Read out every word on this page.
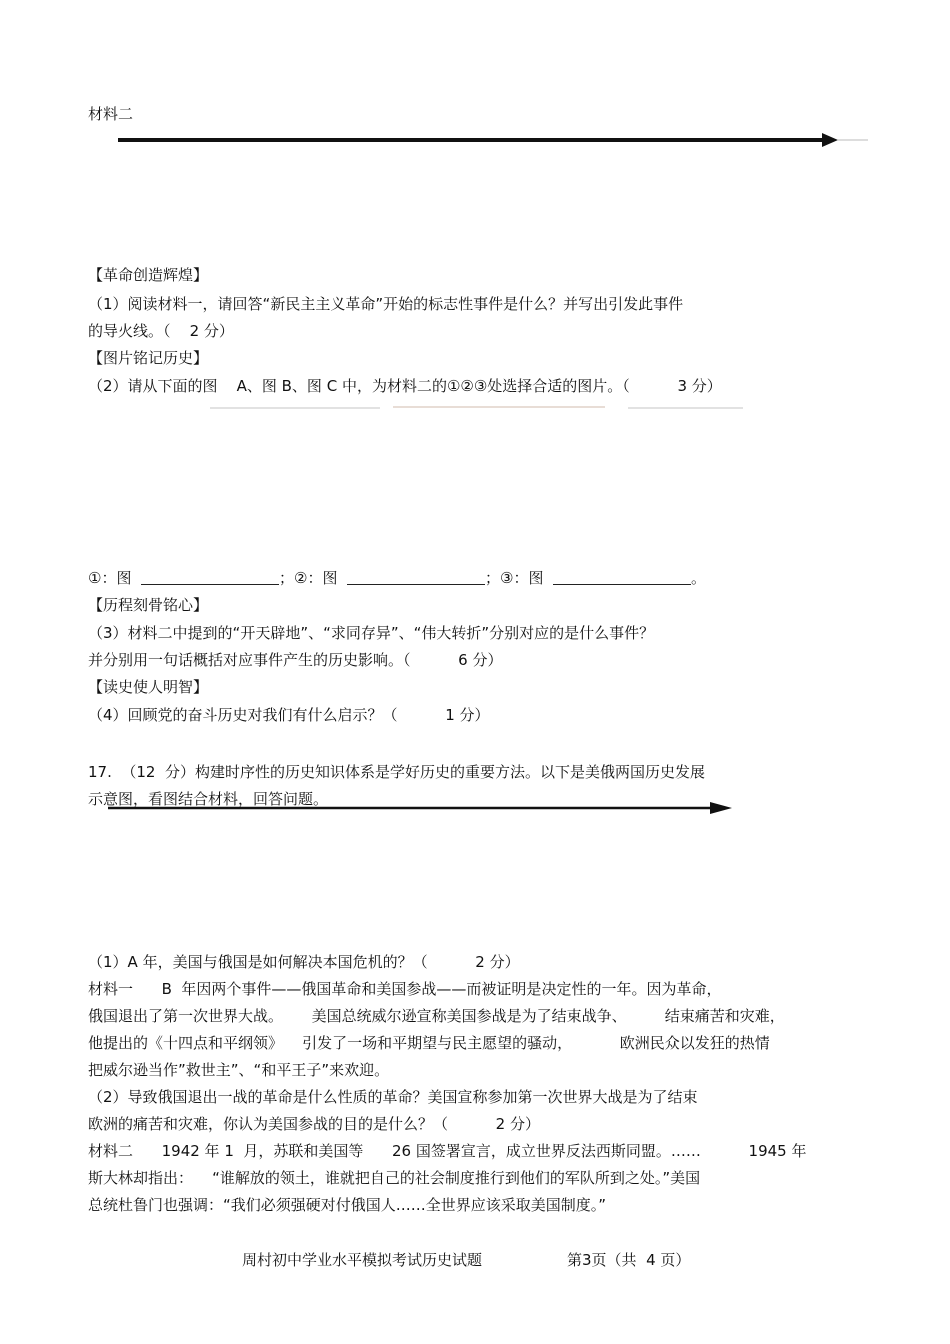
材料二
【革命创造辉煌】
（1）阅读材料一，请回答“新民主主义革命”开始的标志性事件是什么？并写出引发此事件
的导火线。（    2 分）
【图片铭记历史】
（2）请从下面的图    A、图 B、图 C 中，为材料二的①②③处选择合适的图片。（          3 分）
①：图	；②：图	；③：图	。
【历程刻骨铭心】
（3）材料二中提到的“开天辟地”、“求同存异”、“伟大转折”分别对应的是什么事件？
并分别用一句话概括对应事件产生的历史影响。（          6 分）
【读史使人明智】
（4）回顾党的奋斗历史对我们有什么启示？（          1 分）
17.  （12  分）构建时序性的历史知识体系是学好历史的重要方法。以下是美俄两国历史发展
示意图，看图结合材料，回答问题。
（1）A 年，美国与俄国是如何解决本国危机的？（          2 分）
材料一      B  年因两个事件——俄国革命和美国参战——而被证明是决定性的一年。因为革命，
俄国退出了第一次世界大战。      美国总统威尔逊宣称美国参战是为了结束战争、        结束痛苦和灾难，
他提出的《十四点和平纲领》    引发了一场和平期望与民主愿望的骚动，          欧洲民众以发狂的热情
把威尔逊当作”救世主”、“和平王子”来欢迎。
（2）导致俄国退出一战的革命是什么性质的革命？美国宣称参加第一次世界大战是为了结束
欧洲的痛苦和灾难，你认为美国参战的目的是什么？（          2 分）
材料二      1942 年 1  月，苏联和美国等      26 国签署宣言，成立世界反法西斯同盟。……          1945 年
斯大林却指出：    “谁解放的领土，谁就把自己的社会制度推行到他们的军队所到之处。”美国
总统杜鲁门也强调：“我们必须强硬对付俄国人……全世界应该采取美国制度。”
周村初中学业水平模拟考试历史试题	第3页（共  4 页）
